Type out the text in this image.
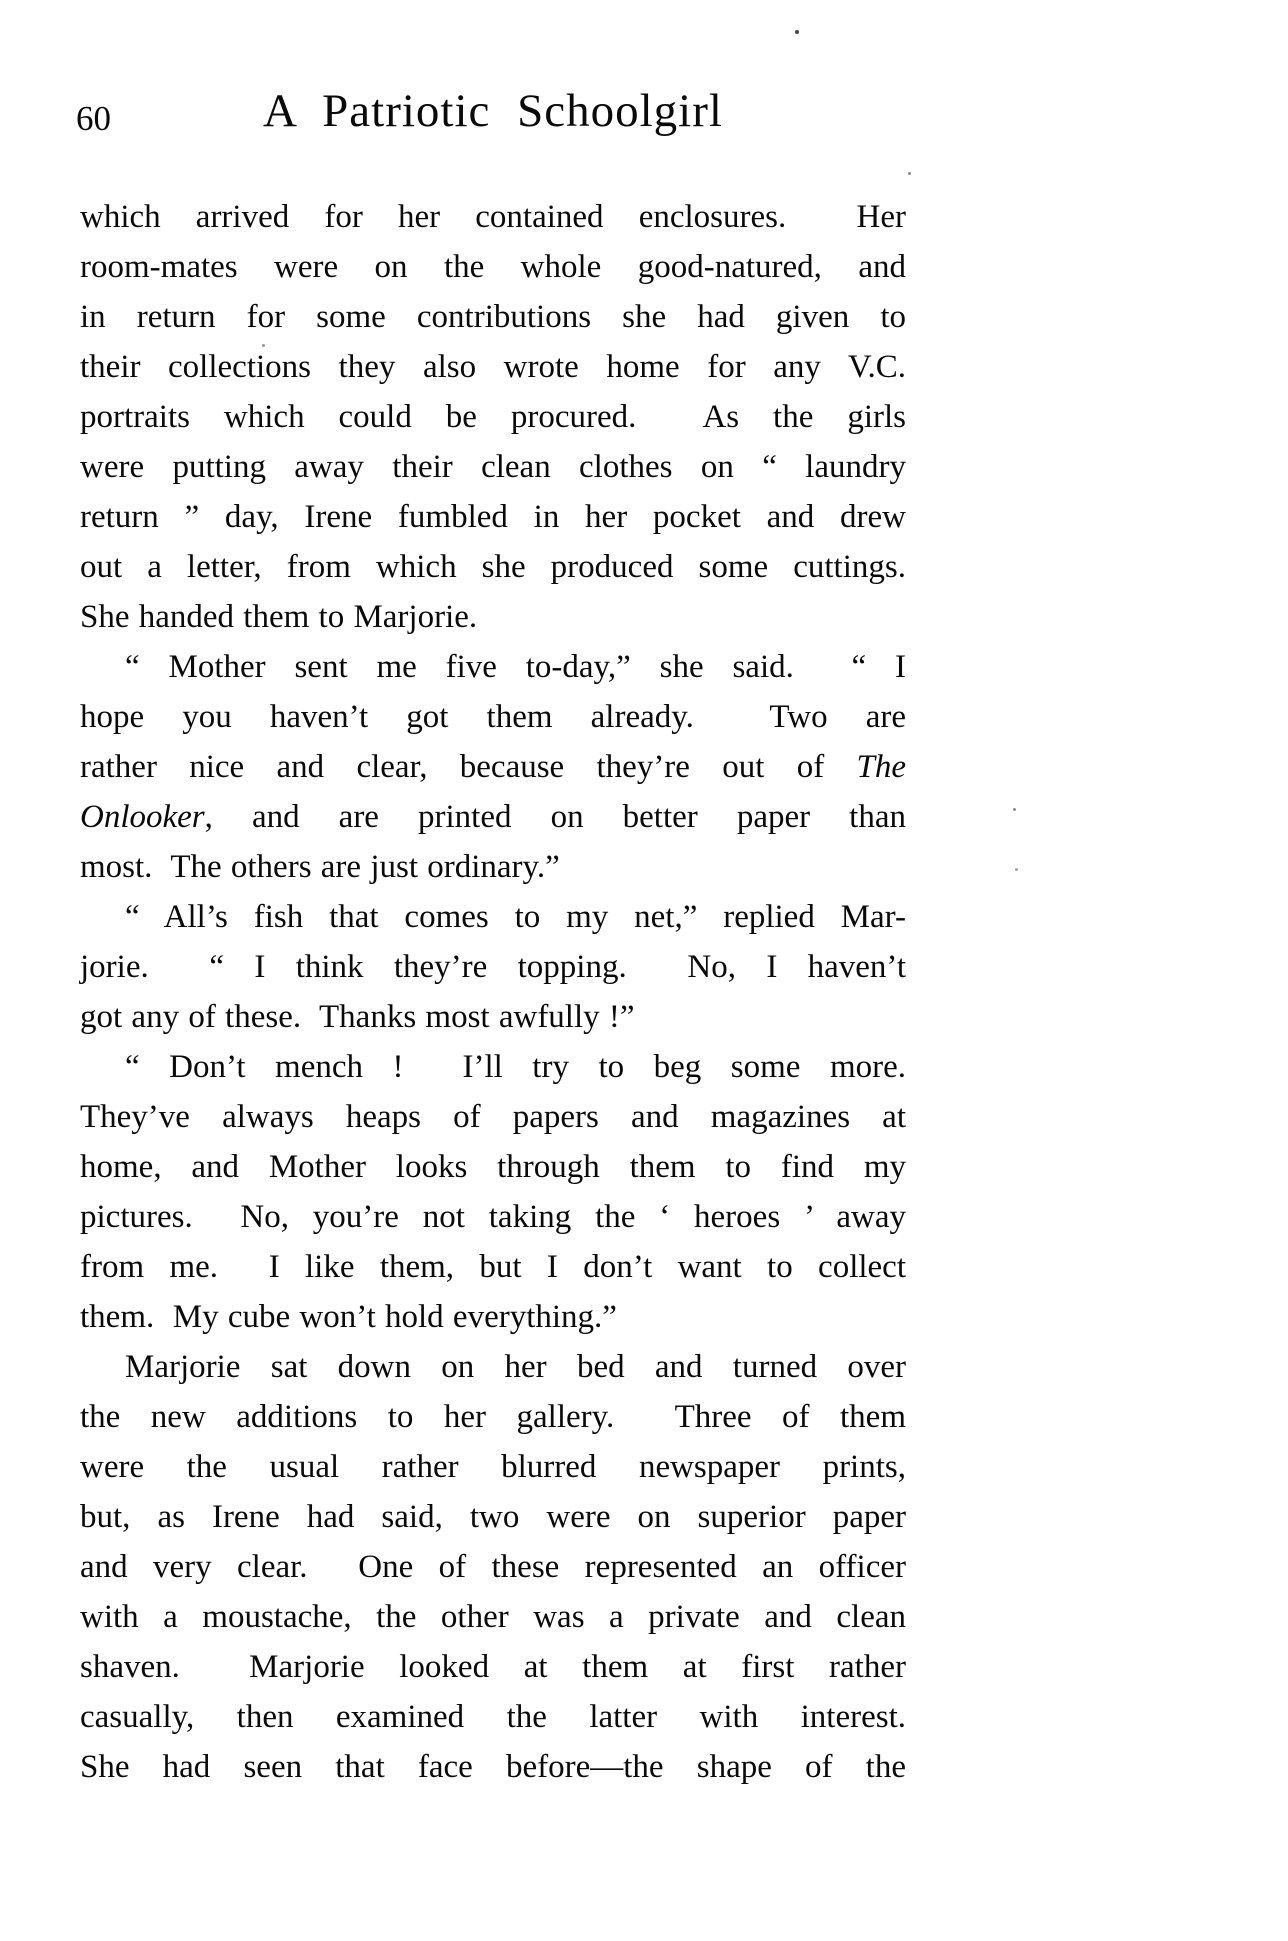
60	A Patriotic Schoolgirl
which arrived for her contained enclosures.  Her
room-mates were on the whole good-natured, and
in return for some contributions she had given to
their collections they also wrote home for any V.C.
portraits which could be procured.  As the girls
were putting away their clean clothes on “ laundry
return ” day, Irene fumbled in her pocket and drew
out a letter, from which she produced some cuttings.
She handed them to Marjorie.
“ Mother sent me five to-day,” she said.  “ I
hope you haven’t got them already.  Two are
rather nice and clear, because they’re out of The
Onlooker, and are printed on better paper than
most.  The others are just ordinary.”
“ All’s fish that comes to my net,” replied Mar-
jorie.  “ I think they’re topping.  No, I haven’t
got any of these.  Thanks most awfully !”
“ Don’t mench !  I’ll try to beg some more.
They’ve always heaps of papers and magazines at
home, and Mother looks through them to find my
pictures.  No, you’re not taking the ‘ heroes ’ away
from me.  I like them, but I don’t want to collect
them.  My cube won’t hold everything.”
Marjorie sat down on her bed and turned over
the new additions to her gallery.  Three of them
were the usual rather blurred newspaper prints,
but, as Irene had said, two were on superior paper
and very clear.  One of these represented an officer
with a moustache, the other was a private and clean
shaven.  Marjorie looked at them at first rather
casually, then examined the latter with interest.
She had seen that face before—the shape of the
